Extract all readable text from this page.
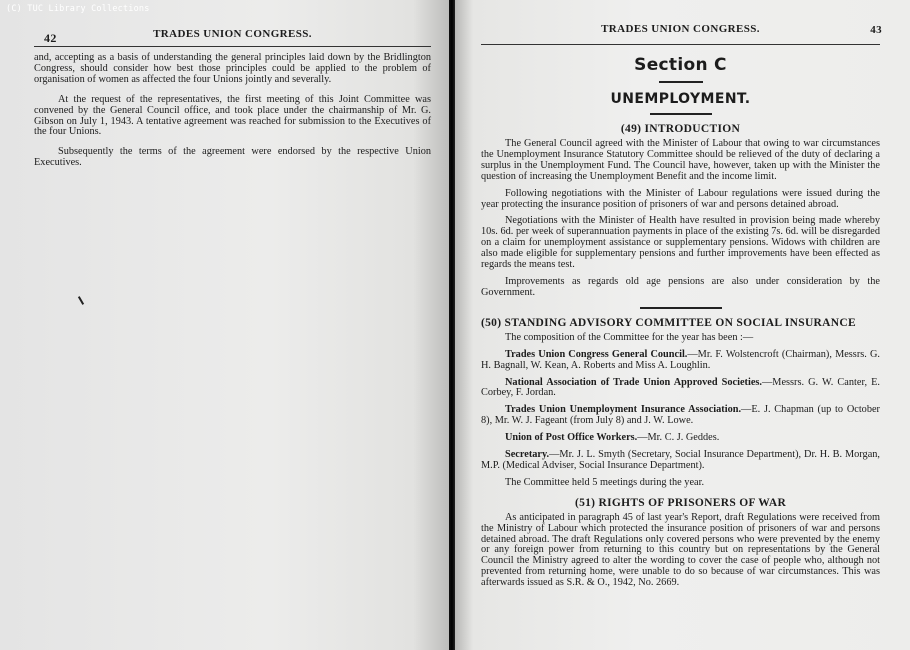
(C) TUC Library Collections
42	TRADES UNION CONGRESS.

and, accepting as a basis of understanding the general principles laid down by the Bridlington Congress, should consider how best those principles could be applied to the problem of organisation of women as affected the four Unions jointly and severally.

At the request of the representatives, the first meeting of this Joint Committee was convened by the General Council office, and took place under the chairmanship of Mr. G. Gibson on July 1, 1943. A tentative agreement was reached for submission to the Executives of the four Unions.

Subsequently the terms of the agreement were endorsed by the respective Union Executives.

TRADES UNION CONGRESS.	43
Section C
UNEMPLOYMENT.
(49) INTRODUCTION

The General Council agreed with the Minister of Labour that owing to war circumstances the Unemployment Insurance Statutory Committee should be relieved of the duty of declaring a surplus in the Unemployment Fund. The Council have, however, taken up with the Minister the question of increasing the Unemployment Benefit and the income limit.

Following negotiations with the Minister of Labour regulations were issued during the year protecting the insurance position of prisoners of war and persons detained abroad.

Negotiations with the Minister of Health have resulted in provision being made whereby 10s. 6d. per week of superannuation payments in place of the existing 7s. 6d. will be disregarded on a claim for unemployment assistance or supplementary pensions. Widows with children are also made eligible for supplementary pensions and further improvements have been effected as regards the means test.

Improvements as regards old age pensions are also under consideration by the Government.

(50) STANDING ADVISORY COMMITTEE ON SOCIAL INSURANCE

The composition of the Committee for the year has been :—

Trades Union Congress General Council.—Mr. F. Wolstencroft (Chairman), Messrs. G. H. Bagnall, W. Kean, A. Roberts and Miss A. Loughlin.

National Association of Trade Union Approved Societies.—Messrs. G. W. Canter, E. Corbey, F. Jordan.

Trades Union Unemployment Insurance Association.—E. J. Chapman (up to October 8), Mr. W. J. Fageant (from July 8) and J. W. Lowe.

Union of Post Office Workers.—Mr. C. J. Geddes.

Secretary.—Mr. J. L. Smyth (Secretary, Social Insurance Department), Dr. H. B. Morgan, M.P. (Medical Adviser, Social Insurance Department).

The Committee held 5 meetings during the year.

(51) RIGHTS OF PRISONERS OF WAR

As anticipated in paragraph 45 of last year's Report, draft Regulations were received from the Ministry of Labour which protected the insurance position of prisoners of war and persons detained abroad. The draft Regulations only covered persons who were prevented by the enemy or any foreign power from returning to this country but on representations by the General Council the Ministry agreed to alter the wording to cover the case of people who, although not prevented from returning home, were unable to do so because of war circumstances. This was afterwards issued as S.R. & O., 1942, No. 2669.
